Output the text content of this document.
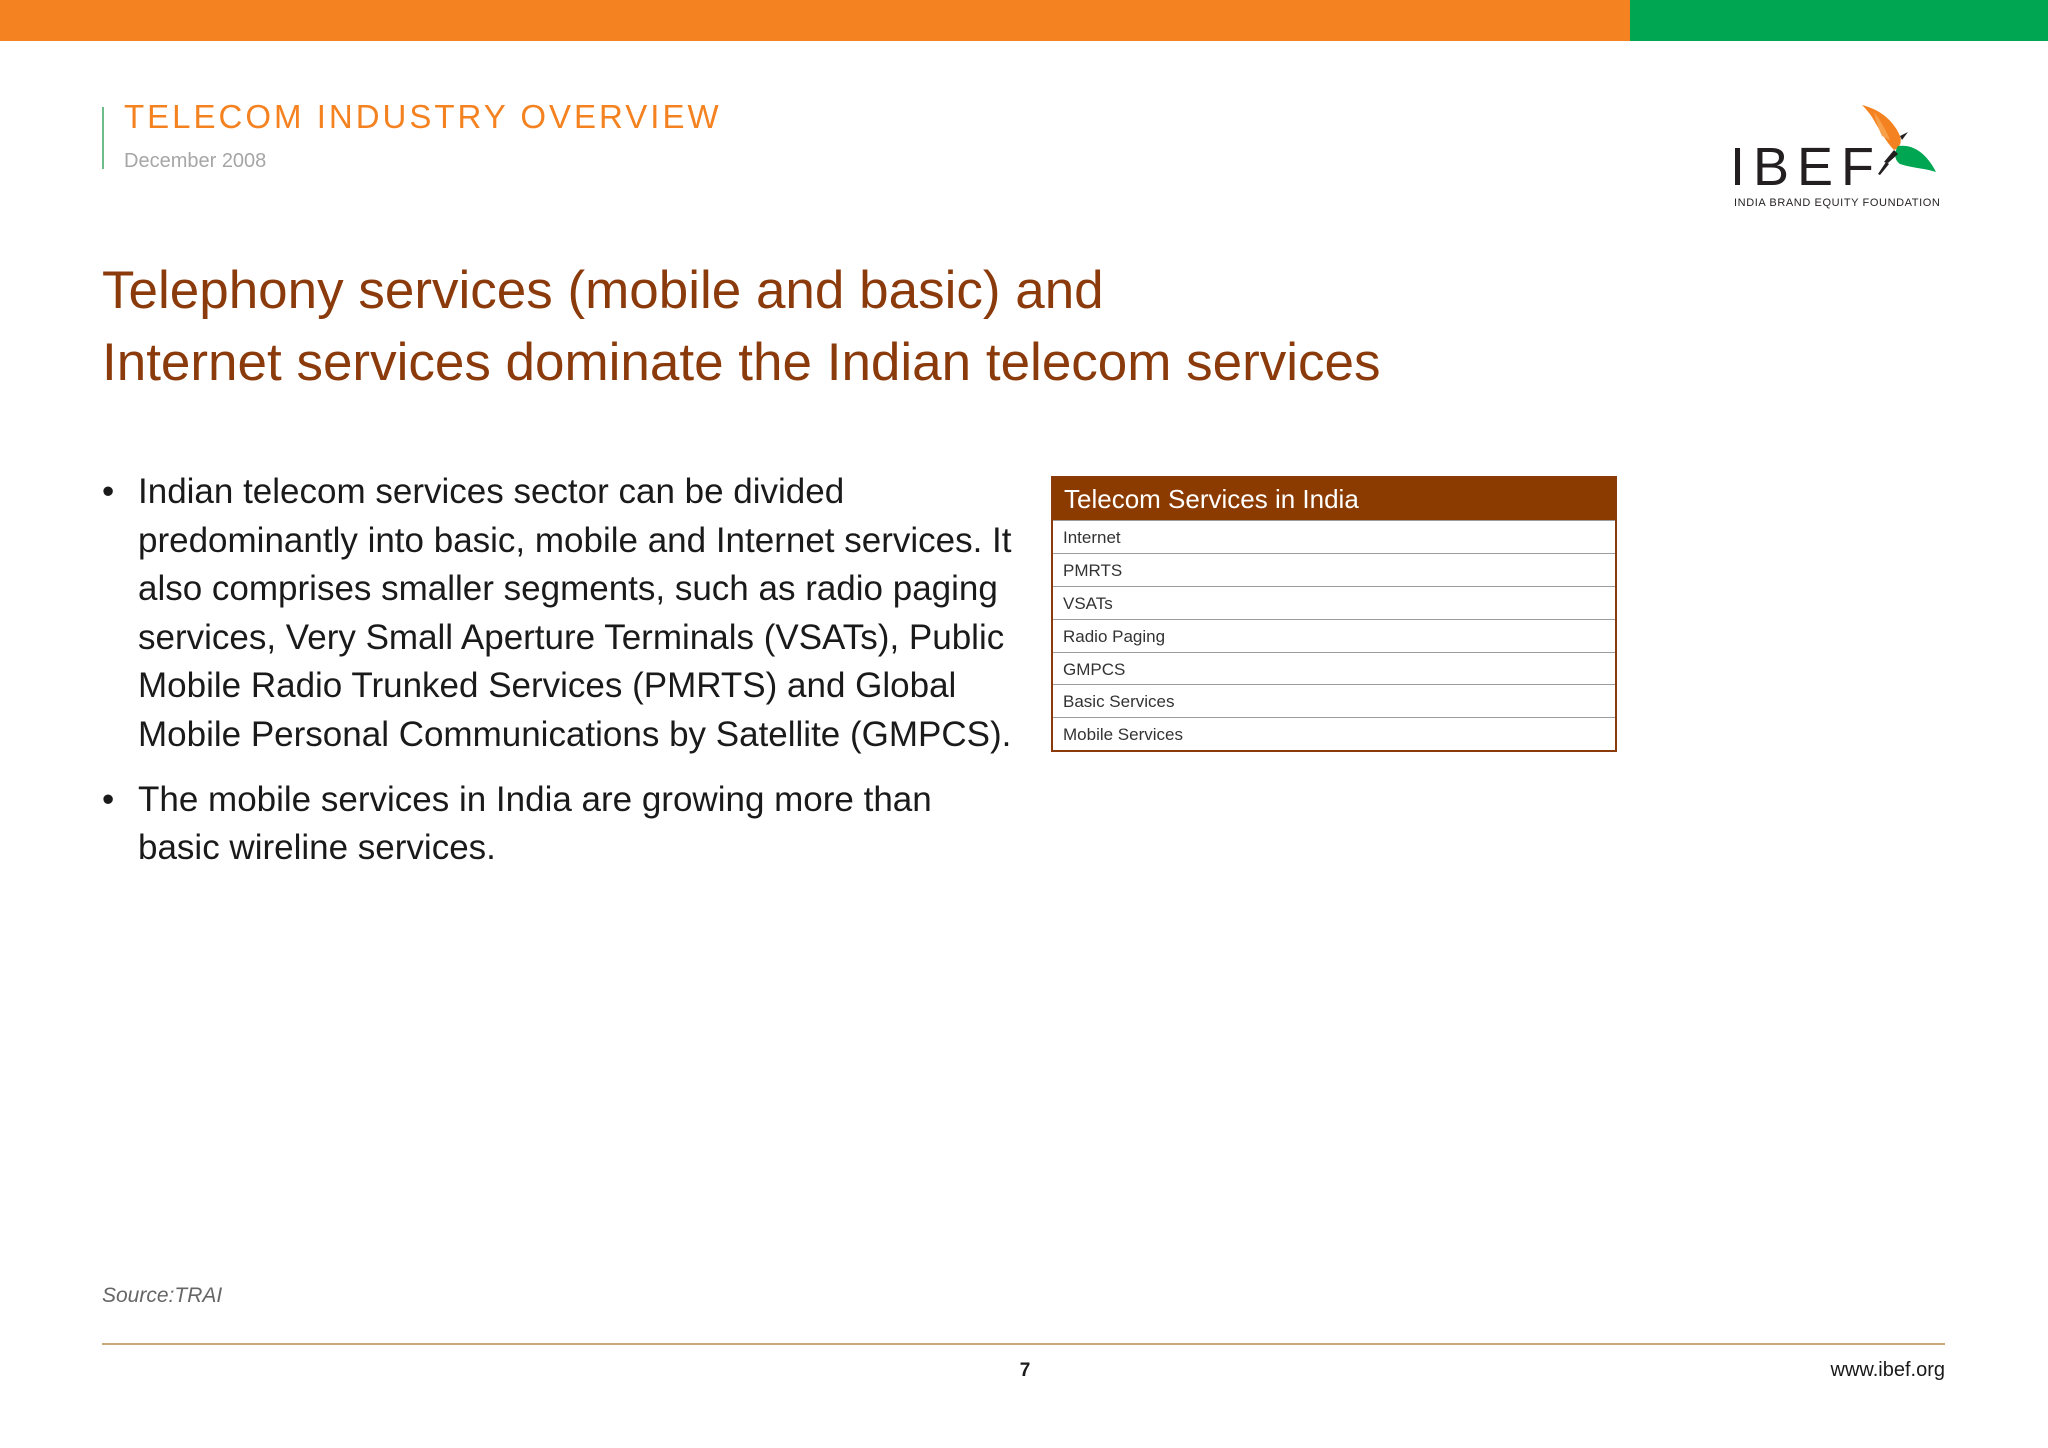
TELECOM INDUSTRY OVERVIEW
December 2008	IBEF
INDIA BRAND EQUITY FOUNDATION
Telephony services (mobile and basic) and
Internet services dominate the Indian telecom services
• Indian telecom services sector can be divided predominantly into basic, mobile and Internet services. It also comprises smaller segments, such as radio paging services, Very Small Aperture Terminals (VSATs), Public Mobile Radio Trunked Services (PMRTS) and Global Mobile Personal Communications by Satellite (GMPCS).
• The mobile services in India are growing more than basic wireline services.
Telecom Services in India
Internet
PMRTS
VSATs
Radio Paging
GMPCS
Basic Services
Mobile Services
Source:TRAI
7	www.ibef.org
